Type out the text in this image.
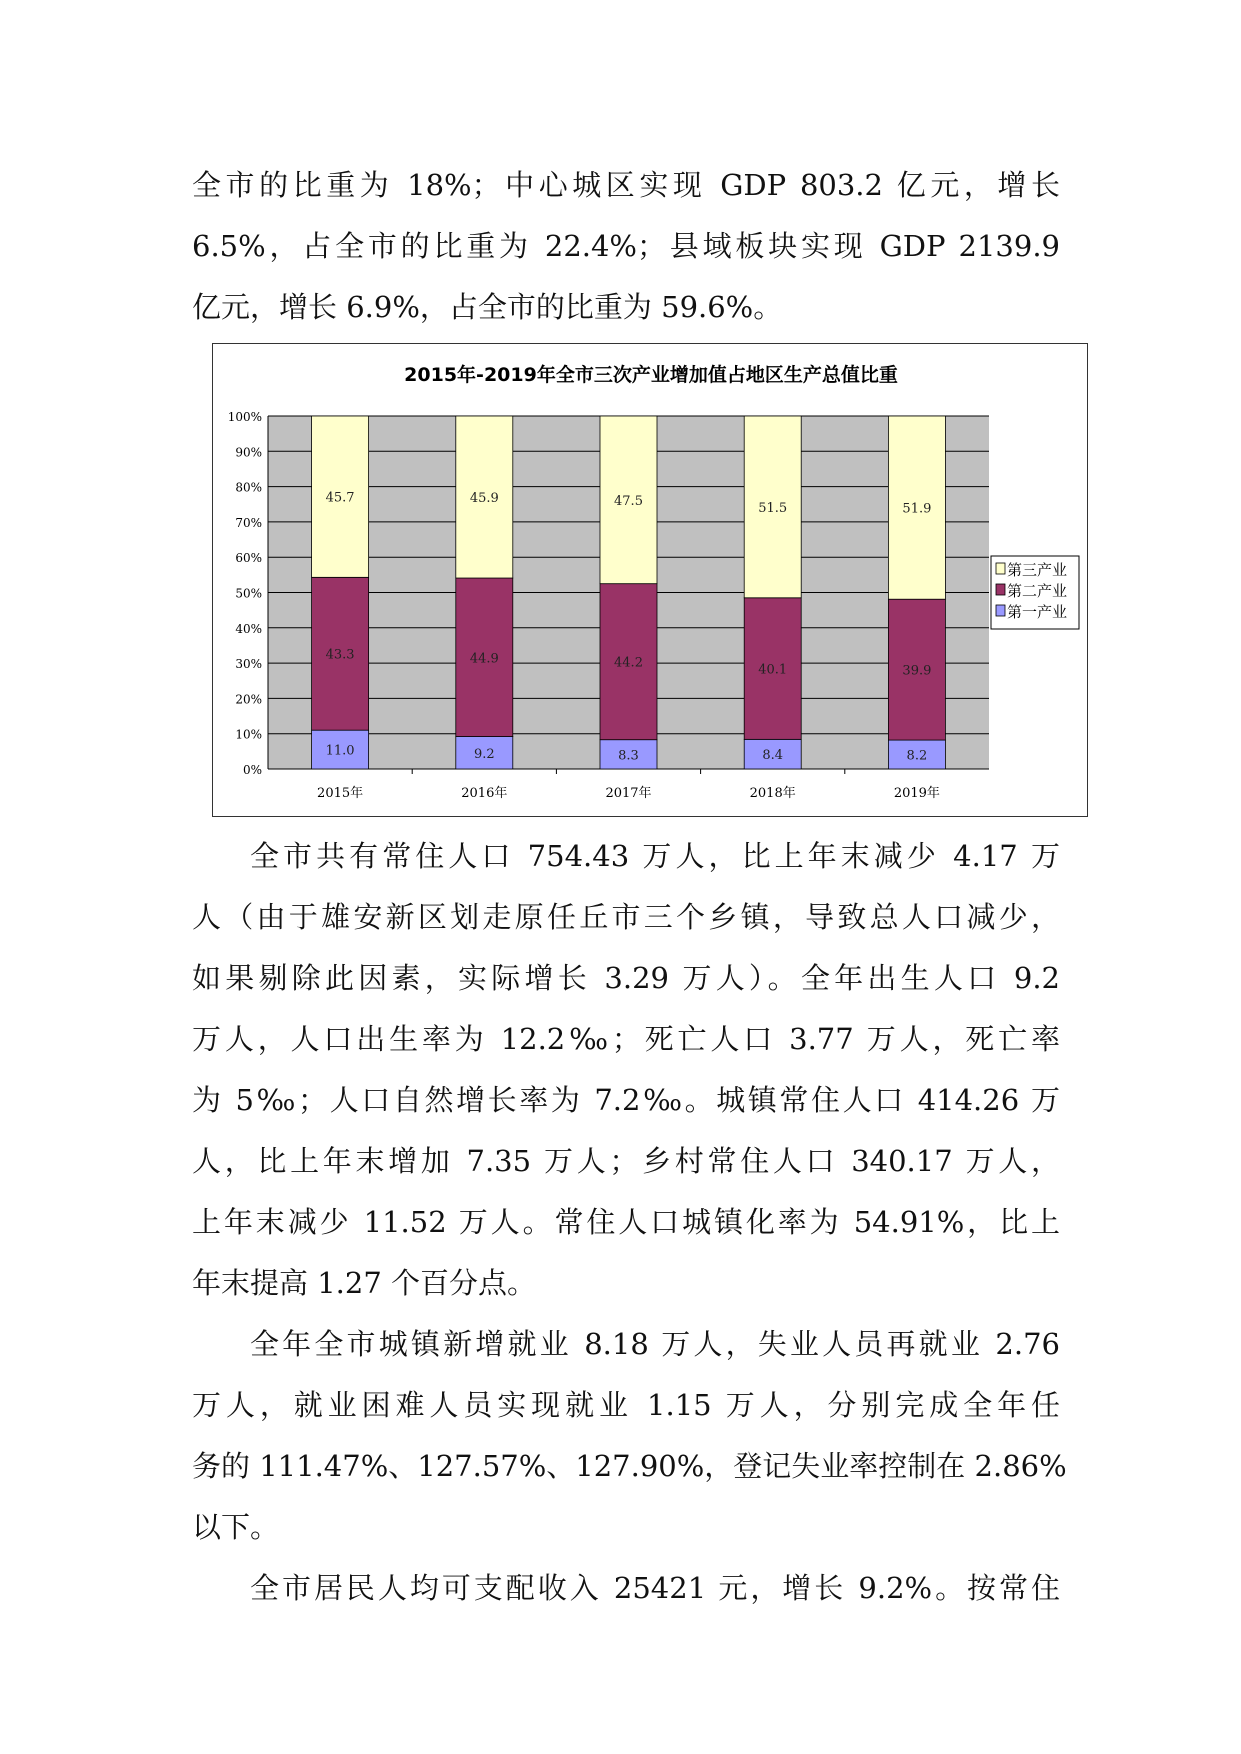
全市的比重为 18%；中心城区实现 GDP 803.2 亿元，增长
6.5%，占全市的比重为 22.4%；县域板块实现 GDP 2139.9
亿元，增长 6.9%，占全市的比重为 59.6%。
2015年-2019年全市三次产业增加值占地区生产总值比重
0%
10%
20%
30%
40%
50%
60%
70%
80%
90%
100%
11.0
43.3
45.7
2015年
9.2
44.9
45.9
2016年
8.3
44.2
47.5
2017年
8.4
40.1
51.5
2018年
8.2
39.9
51.9
2019年
第三产业
第二产业
第一产业
全市共有常住人口 754.43 万人，比上年末减少 4.17 万
人（由于雄安新区划走原任丘市三个乡镇，导致总人口减少，
如果剔除此因素，实际增长 3.29 万人）。全年出生人口 9.2
万人，人口出生率为 12.2‰；死亡人口 3.77 万人，死亡率
为 5‰；人口自然增长率为 7.2‰。城镇常住人口 414.26 万
人，比上年末增加 7.35 万人；乡村常住人口 340.17 万人，
上年末减少 11.52 万人。常住人口城镇化率为 54.91%，比上
年末提高 1.27 个百分点。
全年全市城镇新增就业 8.18 万人，失业人员再就业 2.76
万人，就业困难人员实现就业 1.15 万人，分别完成全年任
务的 111.47%、127.57%、127.90%，登记失业率控制在 2.86%
以下。
全市居民人均可支配收入 25421 元，增长 9.2%。按常住
